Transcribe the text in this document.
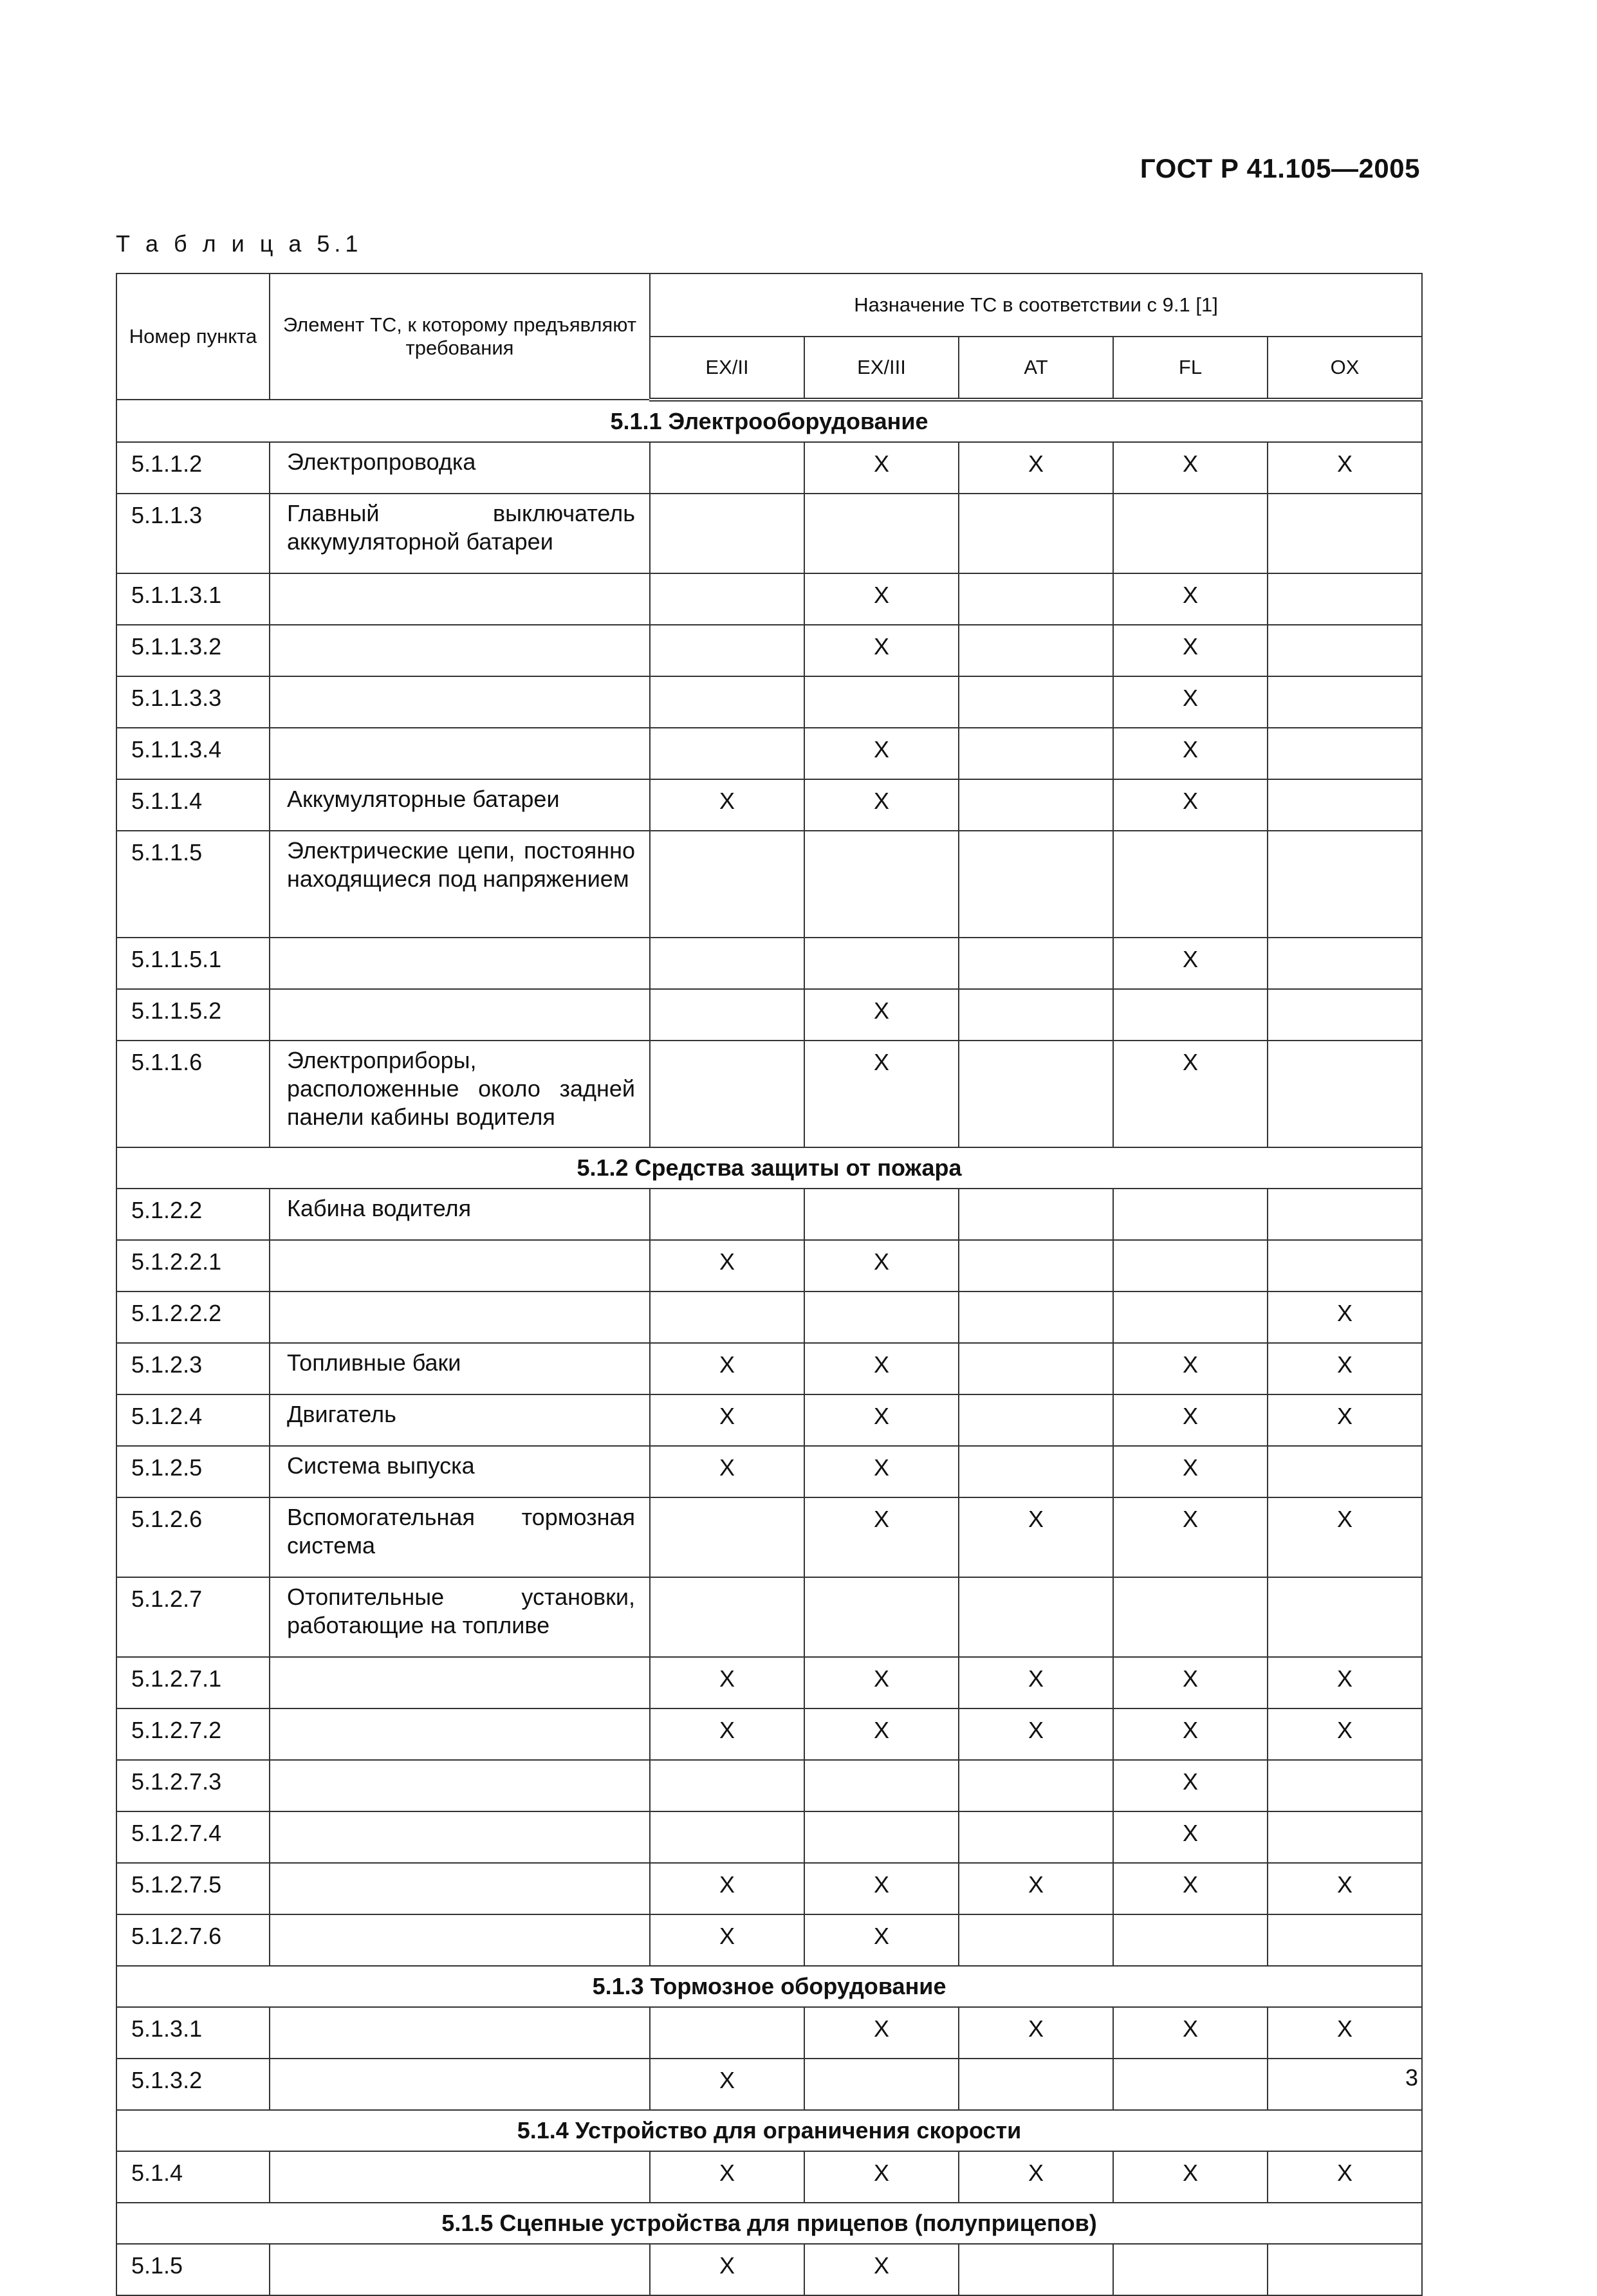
ГОСТ Р 41.105—2005
Т а б л и ц а 5.1
Номер пункта	Элемент ТС, к которому предъявляют требования	Назначение ТС в соответствии с 9.1 [1]				
		EX/II	EX/III	AT	FL	OX
5.1.1 Электрооборудование						
5.1.1.2	Электропроводка		X	X	X	X
5.1.1.3	Главный выключатель аккумуляторной батареи					
5.1.1.3.1			X		X	
5.1.1.3.2			X		X	
5.1.1.3.3					X	
5.1.1.3.4			X		X	
5.1.1.4	Аккумуляторные батареи	X	X		X	
5.1.1.5	Электрические цепи, постоянно находящиеся под напряжением					
5.1.1.5.1					X	
5.1.1.5.2			X			
5.1.1.6	Электроприборы, расположенные около задней панели кабины водителя		X		X	
5.1.2 Средства защиты от пожара						
5.1.2.2	Кабина водителя					
5.1.2.2.1		X	X			
5.1.2.2.2						X
5.1.2.3	Топливные баки	X	X		X	X
5.1.2.4	Двигатель	X	X		X	X
5.1.2.5	Система выпуска	X	X		X	
5.1.2.6	Вспомогательная тормозная система		X	X	X	X
5.1.2.7	Отопительные установки, работающие на топливе					
5.1.2.7.1		X	X	X	X	X
5.1.2.7.2		X	X	X	X	X
5.1.2.7.3					X	
5.1.2.7.4					X	
5.1.2.7.5		X	X	X	X	X
5.1.2.7.6		X	X			
5.1.3 Тормозное оборудование						
5.1.3.1			X	X	X	X
5.1.3.2		X				
5.1.4 Устройство для ограничения скорости						
5.1.4		X	X	X	X	X
5.1.5 Сцепные устройства для прицепов (полуприцепов)						
5.1.5		X	X			
3
